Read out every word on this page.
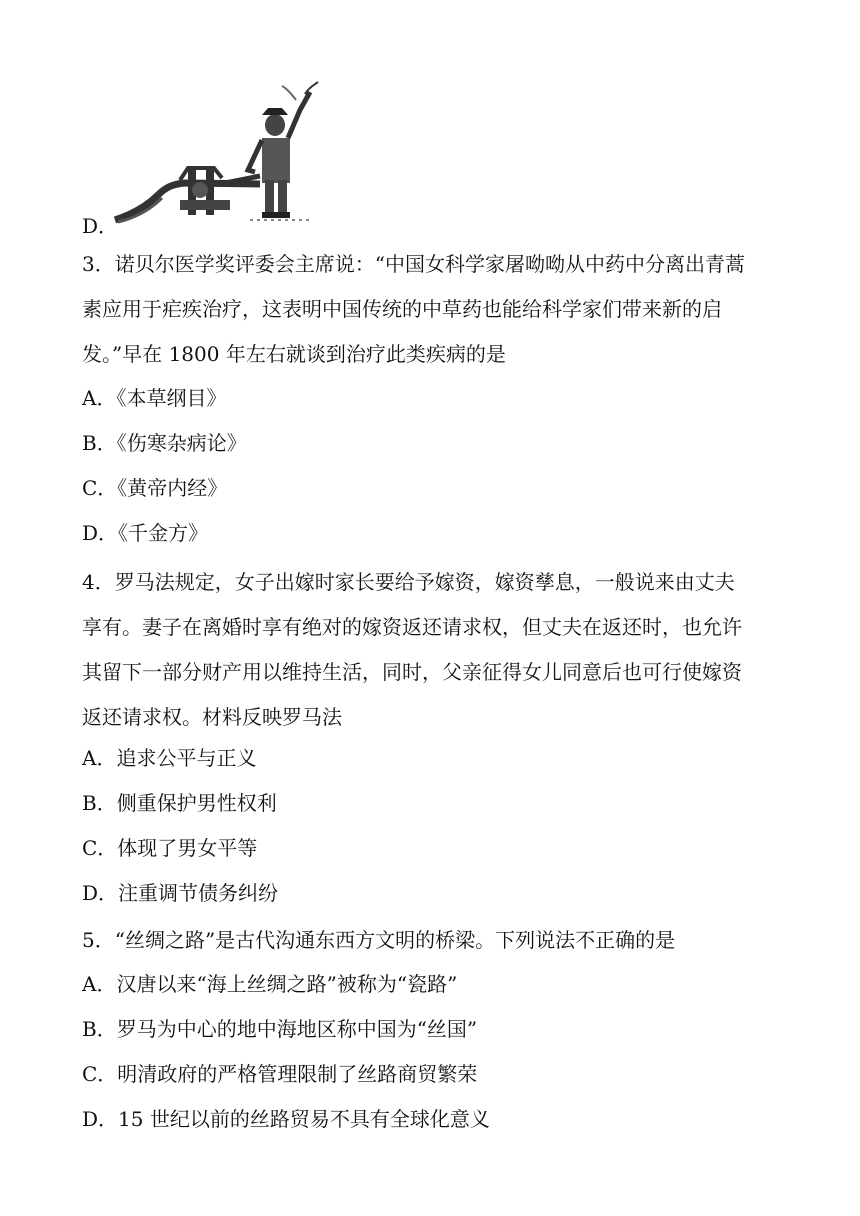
D．
3．诺贝尔医学奖评委会主席说：“中国女科学家屠呦呦从中药中分离出青蒿
素应用于疟疾治疗，这表明中国传统的中草药也能给科学家们带来新的启
发。”早在 1800 年左右就谈到治疗此类疾病的是
A．《本草纲目》
B．《伤寒杂病论》
C．《黄帝内经》
D．《千金方》
4．罗马法规定，女子出嫁时家长要给予嫁资，嫁资孳息，一般说来由丈夫
享有。妻子在离婚时享有绝对的嫁资返还请求权，但丈夫在返还时，也允许
其留下一部分财产用以维持生活，同时，父亲征得女儿同意后也可行使嫁资
返还请求权。材料反映罗马法
A．追求公平与正义
B．侧重保护男性权利
C．体现了男女平等
D．注重调节债务纠纷
5．“丝绸之路”是古代沟通东西方文明的桥梁。下列说法不正确的是
A．汉唐以来“海上丝绸之路”被称为“瓷路”
B．罗马为中心的地中海地区称中国为“丝国”
C．明清政府的严格管理限制了丝路商贸繁荣
D．15 世纪以前的丝路贸易不具有全球化意义
